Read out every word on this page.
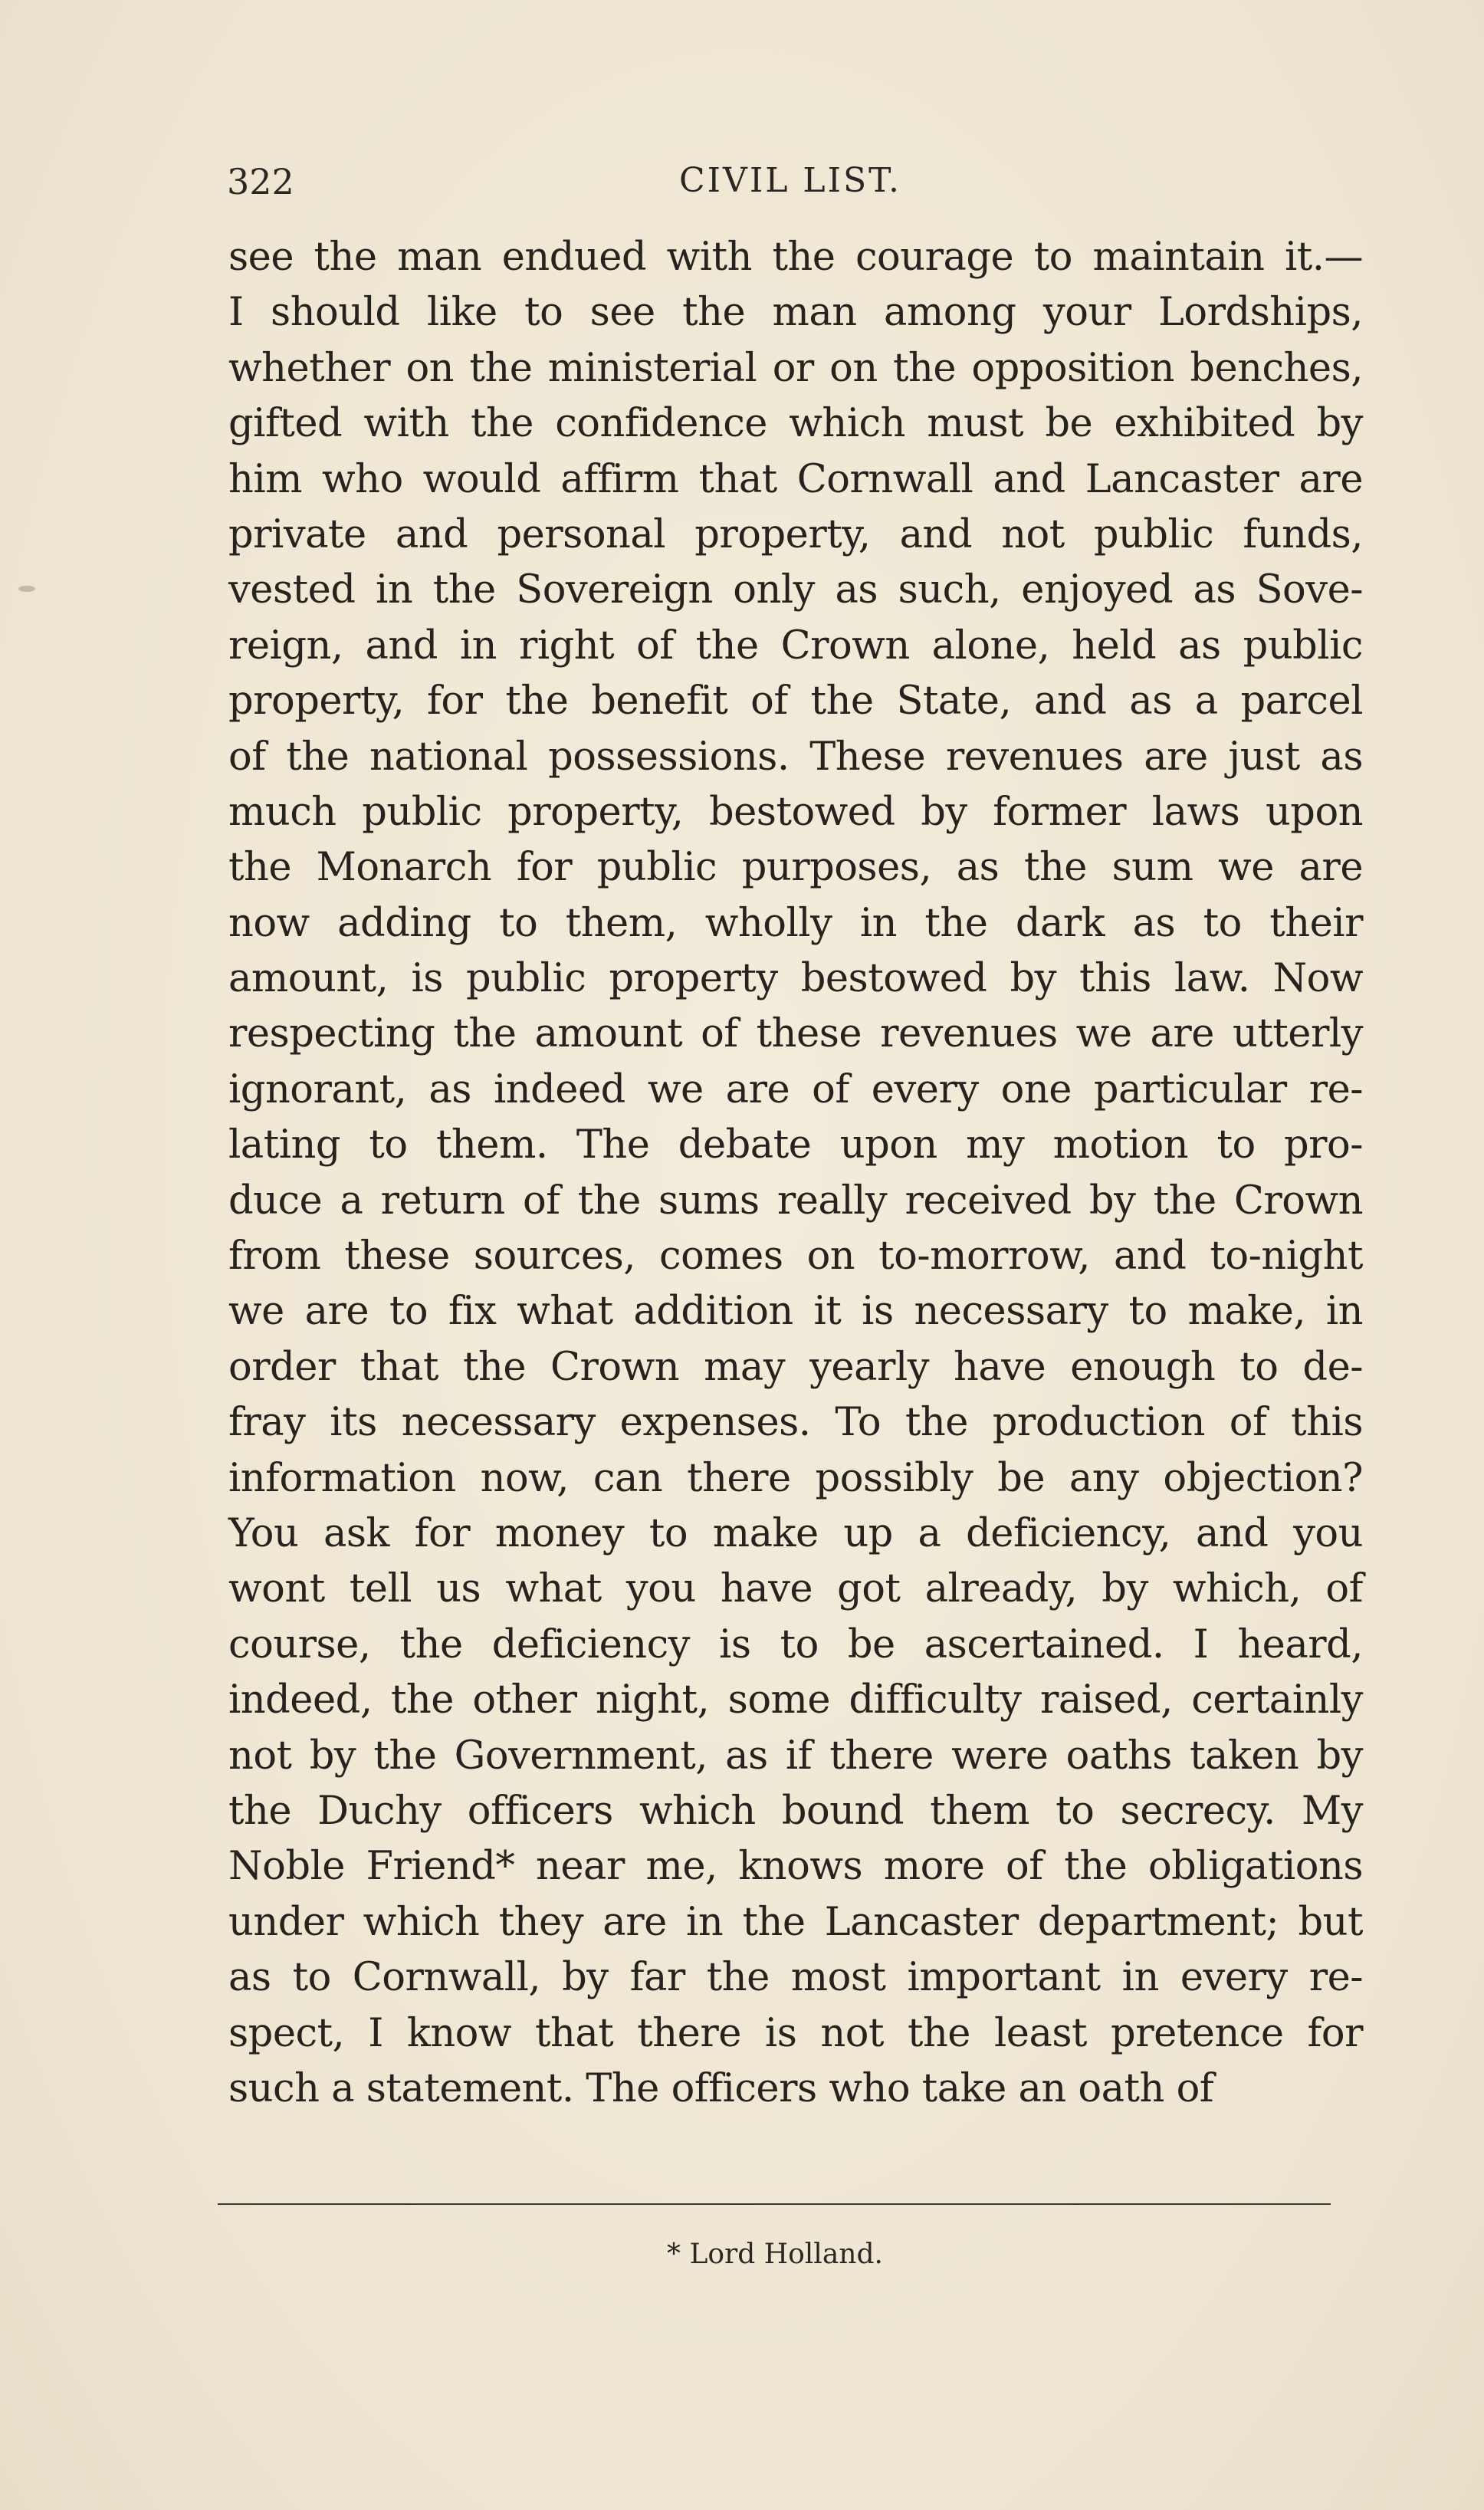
322	CIVIL LIST.
see the man endued with the courage to maintain it.—
I should like to see the man among your Lordships,
whether on the ministerial or on the opposition benches,
gifted with the confidence which must be exhibited by
him who would affirm that Cornwall and Lancaster are
private and personal property, and not public funds,
vested in the Sovereign only as such, enjoyed as Sove-
reign, and in right of the Crown alone, held as public
property, for the benefit of the State, and as a parcel
of the national possessions. These revenues are just as
much public property, bestowed by former laws upon
the Monarch for public purposes, as the sum we are
now adding to them, wholly in the dark as to their
amount, is public property bestowed by this law. Now
respecting the amount of these revenues we are utterly
ignorant, as indeed we are of every one particular re-
lating to them. The debate upon my motion to pro-
duce a return of the sums really received by the Crown
from these sources, comes on to-morrow, and to-night
we are to fix what addition it is necessary to make, in
order that the Crown may yearly have enough to de-
fray its necessary expenses. To the production of this
information now, can there possibly be any objection?
You ask for money to make up a deficiency, and you
wont tell us what you have got already, by which, of
course, the deficiency is to be ascertained. I heard,
indeed, the other night, some difficulty raised, certainly
not by the Government, as if there were oaths taken by
the Duchy officers which bound them to secrecy. My
Noble Friend* near me, knows more of the obligations
under which they are in the Lancaster department; but
as to Cornwall, by far the most important in every re-
spect, I know that there is not the least pretence for
such a statement. The officers who take an oath of
* Lord Holland.
